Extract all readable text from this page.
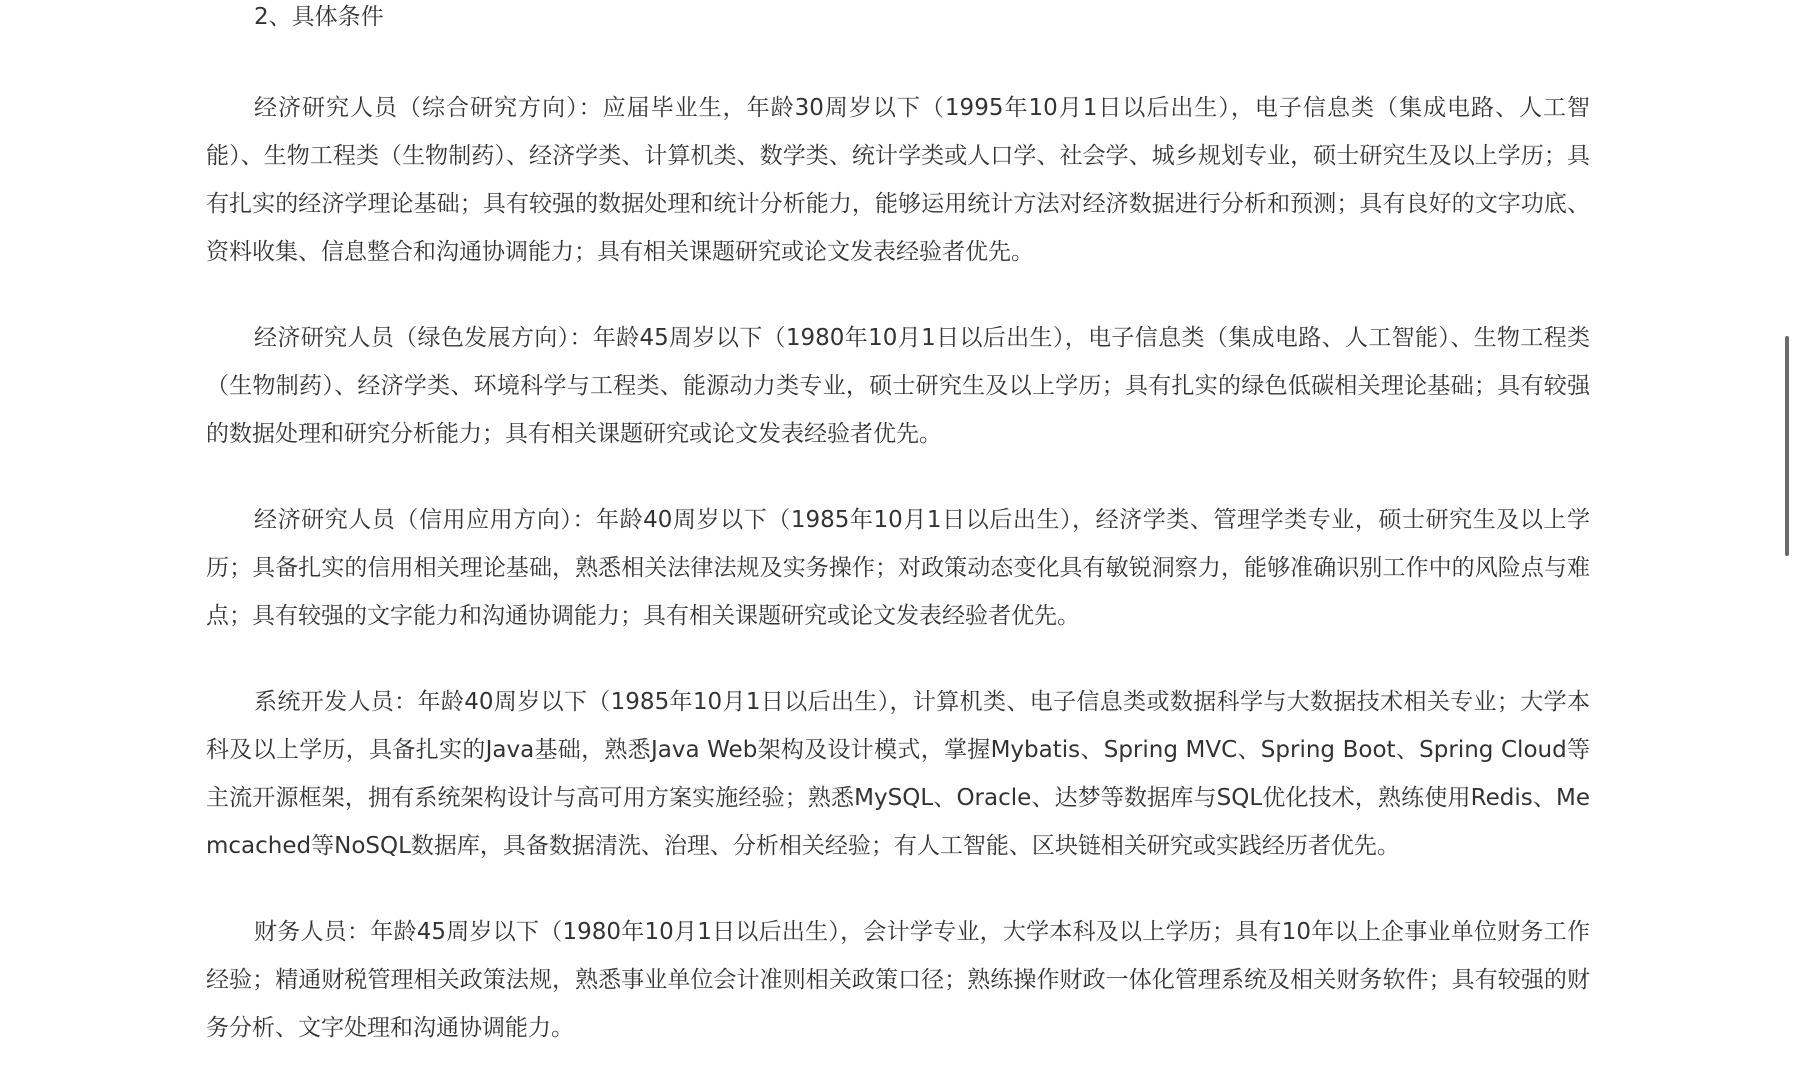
2、具体条件

经济研究人员（综合研究方向）：应届毕业生，年龄30周岁以下（1995年10月1日以后出生），电子信息类（集成电路、人工智能）、生物工程类（生物制药）、经济学类、计算机类、数学类、统计学类或人口学、社会学、城乡规划专业，硕士研究生及以上学历；具有扎实的经济学理论基础；具有较强的数据处理和统计分析能力，能够运用统计方法对经济数据进行分析和预测；具有良好的文字功底、资料收集、信息整合和沟通协调能力；具有相关课题研究或论文发表经验者优先。

经济研究人员（绿色发展方向）：年龄45周岁以下（1980年10月1日以后出生），电子信息类（集成电路、人工智能）、生物工程类（生物制药）、经济学类、环境科学与工程类、能源动力类专业，硕士研究生及以上学历；具有扎实的绿色低碳相关理论基础；具有较强的数据处理和研究分析能力；具有相关课题研究或论文发表经验者优先。

经济研究人员（信用应用方向）：年龄40周岁以下（1985年10月1日以后出生），经济学类、管理学类专业，硕士研究生及以上学历；具备扎实的信用相关理论基础，熟悉相关法律法规及实务操作；对政策动态变化具有敏锐洞察力，能够准确识别工作中的风险点与难点；具有较强的文字能力和沟通协调能力；具有相关课题研究或论文发表经验者优先。

系统开发人员：年龄40周岁以下（1985年10月1日以后出生），计算机类、电子信息类或数据科学与大数据技术相关专业；大学本科及以上学历，具备扎实的Java基础，熟悉Java Web架构及设计模式，掌握Mybatis、Spring MVC、Spring Boot、Spring Cloud等主流开源框架，拥有系统架构设计与高可用方案实施经验；熟悉MySQL、Oracle、达梦等数据库与SQL优化技术，熟练使用Redis、Memcached等NoSQL数据库，具备数据清洗、治理、分析相关经验；有人工智能、区块链相关研究或实践经历者优先。

财务人员：年龄45周岁以下（1980年10月1日以后出生），会计学专业，大学本科及以上学历；具有10年以上企事业单位财务工作经验；精通财税管理相关政策法规，熟悉事业单位会计准则相关政策口径；熟练操作财政一体化管理系统及相关财务软件；具有较强的财务分析、文字处理和沟通协调能力。
